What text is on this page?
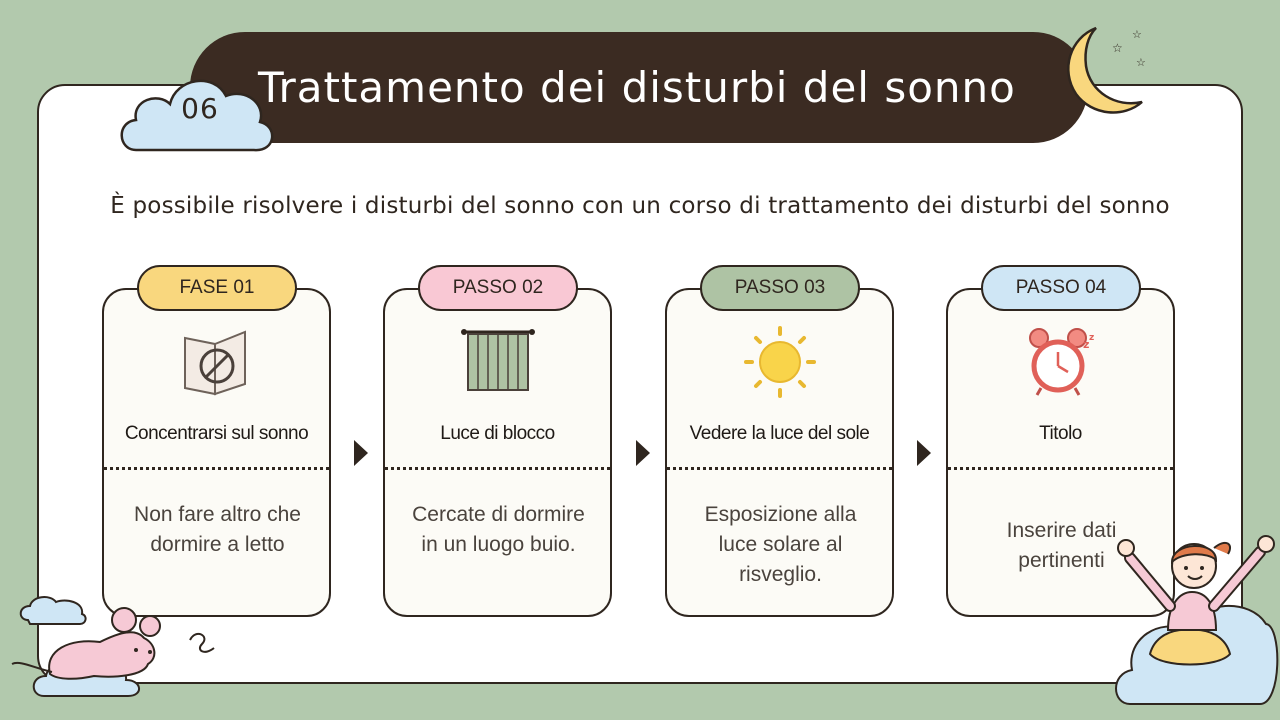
Trattamento dei disturbi del sonno
06
☆
☆
☆
È possibile risolvere i disturbi del sonno con un corso di trattamento dei disturbi del sonno
Concentrarsi sul sonno
Non fare altro che dormire a letto
FASE 01
Luce di blocco
Cercate di dormire in un luogo buio.
PASSO 02
Vedere la luce del sole
Esposizione alla luce solare al risveglio.
PASSO 03
z z
Titolo
Inserire dati pertinenti
PASSO 04
